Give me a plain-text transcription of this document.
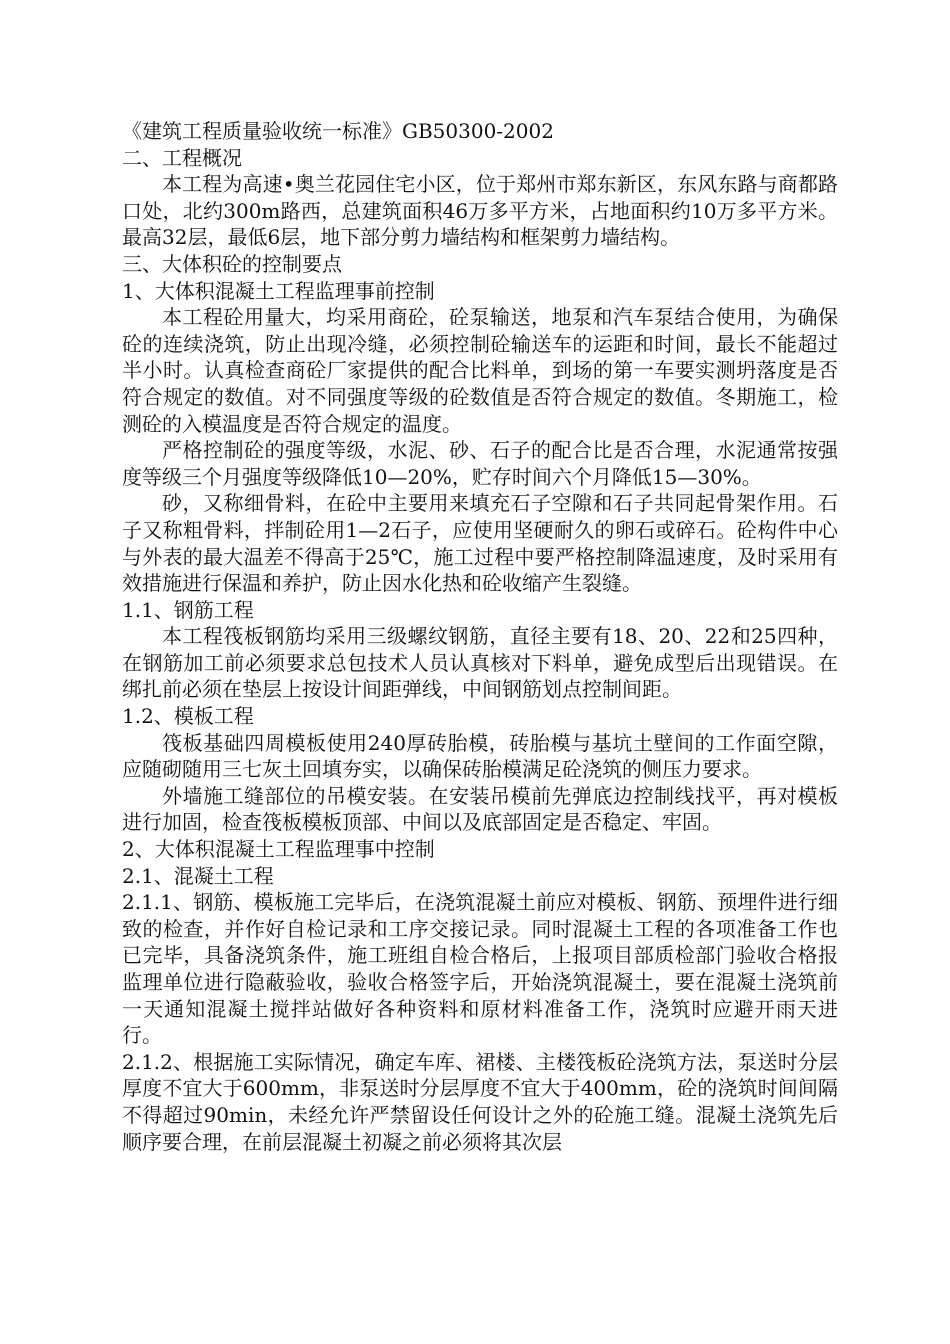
《建筑工程质量验收统一标准》GB50300-2002

二、工程概况

本工程为高速•奥兰花园住宅小区，位于郑州市郑东新区，东风东路与商都路口处，北约300m路西，总建筑面积46万多平方米，占地面积约10万多平方米。最高32层，最低6层，地下部分剪力墙结构和框架剪力墙结构。

三、大体积砼的控制要点

1、大体积混凝土工程监理事前控制

本工程砼用量大，均采用商砼，砼泵输送，地泵和汽车泵结合使用，为确保砼的连续浇筑，防止出现冷缝，必须控制砼输送车的运距和时间，最长不能超过半小时。认真检查商砼厂家提供的配合比料单，到场的第一车要实测坍落度是否符合规定的数值。对不同强度等级的砼数值是否符合规定的数值。冬期施工，检测砼的入模温度是否符合规定的温度。

严格控制砼的强度等级，水泥、砂、石子的配合比是否合理，水泥通常按强度等级三个月强度等级降低10—20%，贮存时间六个月降低15—30%。

砂，又称细骨料，在砼中主要用来填充石子空隙和石子共同起骨架作用。石子又称粗骨料，拌制砼用1—2石子，应使用坚硬耐久的卵石或碎石。砼构件中心与外表的最大温差不得高于25℃，施工过程中要严格控制降温速度，及时采用有效措施进行保温和养护，防止因水化热和砼收缩产生裂缝。

1.1、钢筋工程

本工程筏板钢筋均采用三级螺纹钢筋，直径主要有18、20、22和25四种，在钢筋加工前必须要求总包技术人员认真核对下料单，避免成型后出现错误。在绑扎前必须在垫层上按设计间距弹线，中间钢筋划点控制间距。

1.2、模板工程

筏板基础四周模板使用240厚砖胎模，砖胎模与基坑土壁间的工作面空隙，应随砌随用三七灰土回填夯实，以确保砖胎模满足砼浇筑的侧压力要求。

外墙施工缝部位的吊模安装。在安装吊模前先弹底边控制线找平，再对模板进行加固，检查筏板模板顶部、中间以及底部固定是否稳定、牢固。

2、大体积混凝土工程监理事中控制

2.1、混凝土工程

2.1.1、钢筋、模板施工完毕后，在浇筑混凝土前应对模板、钢筋、预埋件进行细致的检查，并作好自检记录和工序交接记录。同时混凝土工程的各项准备工作也已完毕，具备浇筑条件，施工班组自检合格后，上报项目部质检部门验收合格报监理单位进行隐蔽验收，验收合格签字后，开始浇筑混凝土，要在混凝土浇筑前一天通知混凝土搅拌站做好各种资料和原材料准备工作，浇筑时应避开雨天进行。

2.1.2、根据施工实际情况，确定车库、裙楼、主楼筏板砼浇筑方法，泵送时分层厚度不宜大于600mm，非泵送时分层厚度不宜大于400mm，砼的浇筑时间间隔不得超过90min，未经允许严禁留设任何设计之外的砼施工缝。混凝土浇筑先后顺序要合理，在前层混凝土初凝之前必须将其次层
